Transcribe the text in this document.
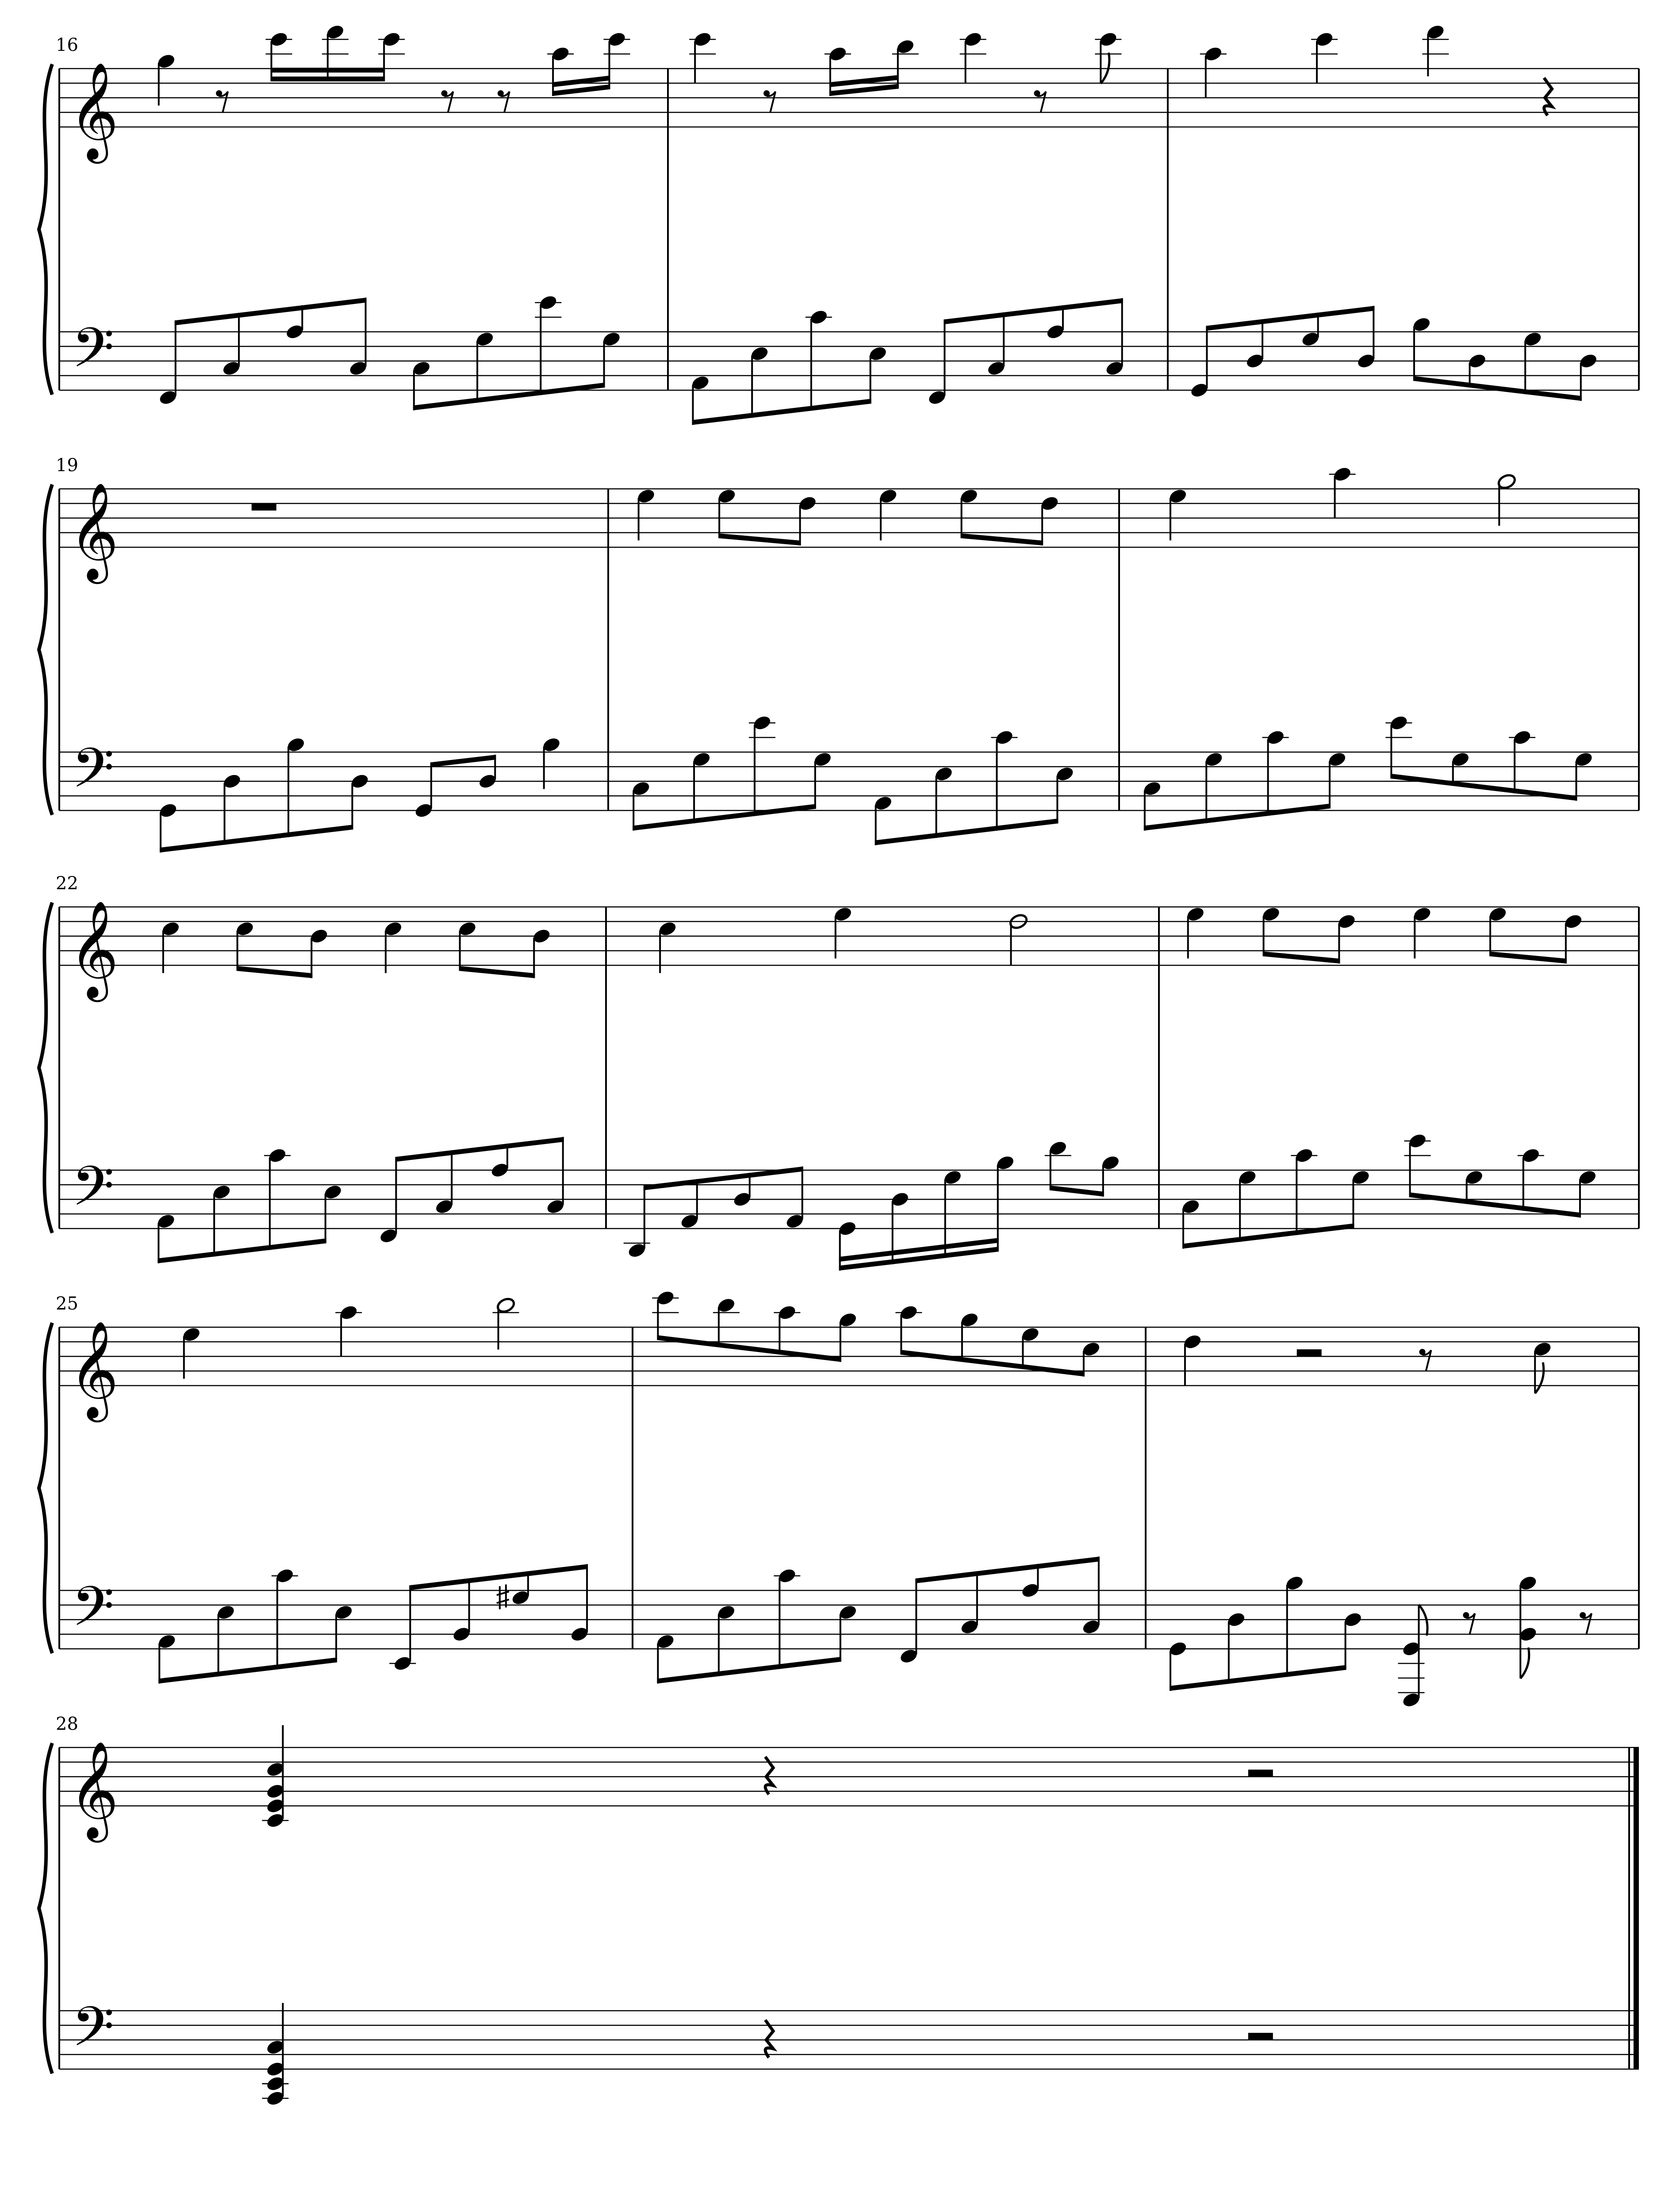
16
𝄞
𝄢
19
𝄞
𝄢
22
𝄞
𝄢
25
𝄞
𝄢
28
𝄞
𝄢
